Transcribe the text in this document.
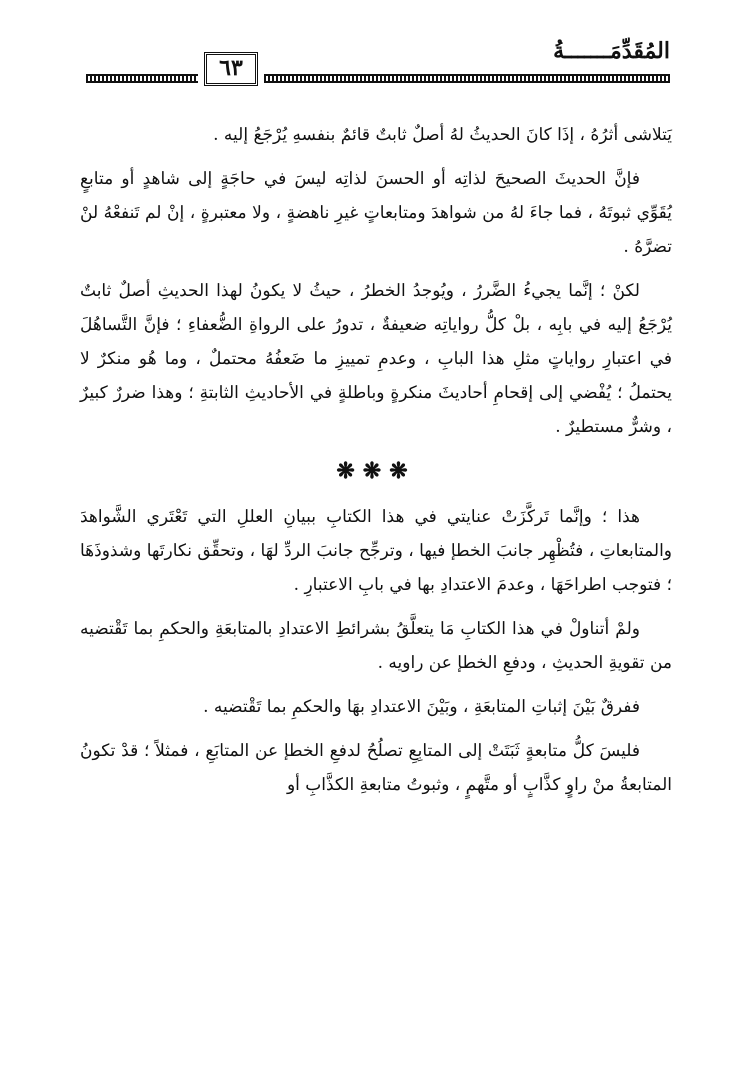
المُقَدِّمَـــــــةُ
٦٣

يَتلاشى أثرُهُ ، إذَا كانَ الحديثُ لهُ أصلٌ ثابتٌ قائمٌ بنفسهِ يُرْجَعُ إليه .

فإنَّ الحديثَ الصحيحَ لذاتِه أو الحسنَ لذاتِه ليسَ في حاجَةٍ إلى شاهدٍ أو متابعٍ يُقَوِّي ثبوتَهُ ، فما جاءَ لهُ من شواهدَ ومتابعاتٍ غيرِ ناهضةٍ ، ولا معتبرةٍ ، إنْ لم تَنفعْهُ لنْ تضرَّهُ .

لكنْ ؛ إنَّما يجيءُ الضَّررُ ، ويُوجدُ الخطرُ ، حيثُ لا يكونُ لهذا الحديثِ أصلٌ ثابتٌ يُرْجَعُ إليه في بابِه ، بلْ كلُّ رواياتِه ضعيفةٌ ، تدورُ على الرواةِ الضُّعفاءِ ؛ فإنَّ التَّساهُلَ في اعتبارِ رواياتٍ مثلِ هذا البابِ ، وعدمِ تمييزِ ما ضَعفُهُ محتملٌ ، وما هُو منكرٌ لا يحتملُ ؛ يُفْضي إلى إقحامِ أحاديثَ منكرةٍ وباطلةٍ في الأحاديثِ الثابتةِ ؛ وهذا ضررٌ كبيرٌ ، وشرٌّ مستطيرٌ .

❋❋❋

هذا ؛ وإنَّما تَركَّزَتْ عنايتي في هذا الكتابِ ببيانِ العللِ التي تَعْتَري الشَّواهدَ والمتابعاتِ ، فتُظْهِر جانبَ الخطإ فيها ، وترجِّح جانبَ الردِّ لهَا ، وتحقِّق نكارتَها وشذوذَهَا ؛ فتوجب اطراحَهَا ، وعدمَ الاعتدادِ بها في بابِ الاعتبارِ .

ولمْ أتناولْ في هذا الكتابِ مَا يتعلَّقُ بشرائطِ الاعتدادِ بالمتابعَةِ والحكمِ بما تَقْتضيه من تقويةِ الحديثِ ، ودفعِ الخطإ عن راويه .

ففرقٌ بَيْنَ إثباتِ المتابعَةِ ، وبَيْنَ الاعتدادِ بهَا والحكمِ بما تَقْتضيه .

فليسَ كلُّ متابعةٍ ثَبَتَتْ إلى المتابِعِ تصلُحُ لدفعِ الخطإ عن المتابَعِ ، فمثلاً ؛ قدْ تكونُ المتابعةُ منْ راوٍ كذَّابٍ أو متَّهمٍ ، وثبوتُ متابعةِ الكذَّابِ أو
